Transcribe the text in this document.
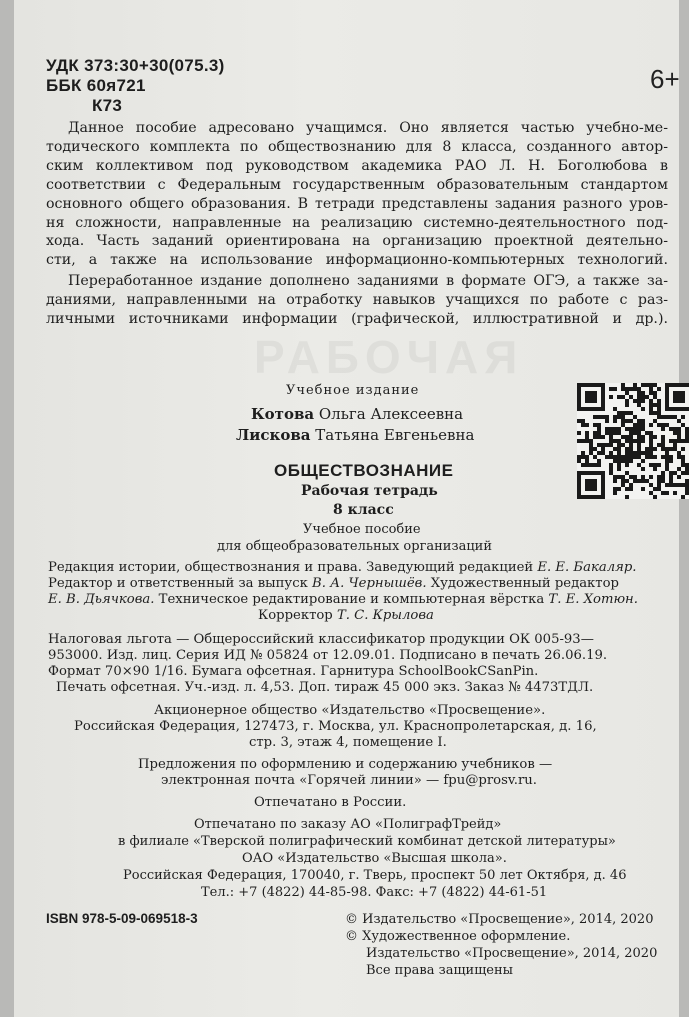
УДК 373:30+30(075.3)
ББК 60я721
К73
6+
РАБОЧАЯ
Данное пособие адресовано учащимся. Оно является частью учебно-ме-
тодического комплекта по обществознанию для 8 класса, созданного автор-
ским коллективом под руководством академика РАО Л. Н. Боголюбова в
соответствии с Федеральным государственным образовательным стандартом
основного общего образования. В тетради представлены задания разного уров-
ня сложности, направленные на реализацию системно-деятельностного под-
хода. Часть заданий ориентирована на организацию проектной деятельно-
сти, а также на использование информационно-компьютерных технологий.
Переработанное издание дополнено заданиями в формате ОГЭ, а также за-
даниями, направленными на отработку навыков учащихся по работе с раз-
личными источниками информации (графической, иллюстративной и др.).
Учебное издание
Котова Ольга Алексеевна
Лискова Татьяна Евгеньевна
ОБЩЕСТВОЗНАНИЕ
Рабочая тетрадь
8 класс
Учебное пособие
для общеобразовательных организаций
Редакция истории, обществознания и права. Заведующий редакцией Е. Е. Бакаляр.
Редактор и ответственный за выпуск В. А. Чернышёв. Художественный редактор
Е. В. Дьячкова. Техническое редактирование и компьютерная вёрстка Т. Е. Хотюн.
Корректор Т. С. Крылова
Налоговая льгота — Общероссийский классификатор продукции ОК 005-93—
953000. Изд. лиц. Серия ИД № 05824 от 12.09.01. Подписано в печать 26.06.19.
Формат 70×90 1/16. Бумага офсетная. Гарнитура SchoolBookCSanPin.
Печать офсетная. Уч.-изд. л. 4,53. Доп. тираж 45 000 экз. Заказ № 4473ТДЛ.
Акционерное общество «Издательство «Просвещение».
Российская Федерация, 127473, г. Москва, ул. Краснопролетарская, д. 16,
стр. 3, этаж 4, помещение I.
Предложения по оформлению и содержанию учебников —
электронная почта «Горячей линии» — fpu@prosv.ru.
Отпечатано в России.
Отпечатано по заказу АО «ПолиграфТрейд»
в филиале «Тверской полиграфический комбинат детской литературы»
ОАО «Издательство «Высшая школа».
Российская Федерация, 170040, г. Тверь, проспект 50 лет Октября, д. 46
Тел.: +7 (4822) 44-85-98. Факс: +7 (4822) 44-61-51
ISBN 978-5-09-069518-3	© Издательство «Просвещение», 2014, 2020
© Художественное оформление.
Издательство «Просвещение», 2014, 2020
Все права защищены
